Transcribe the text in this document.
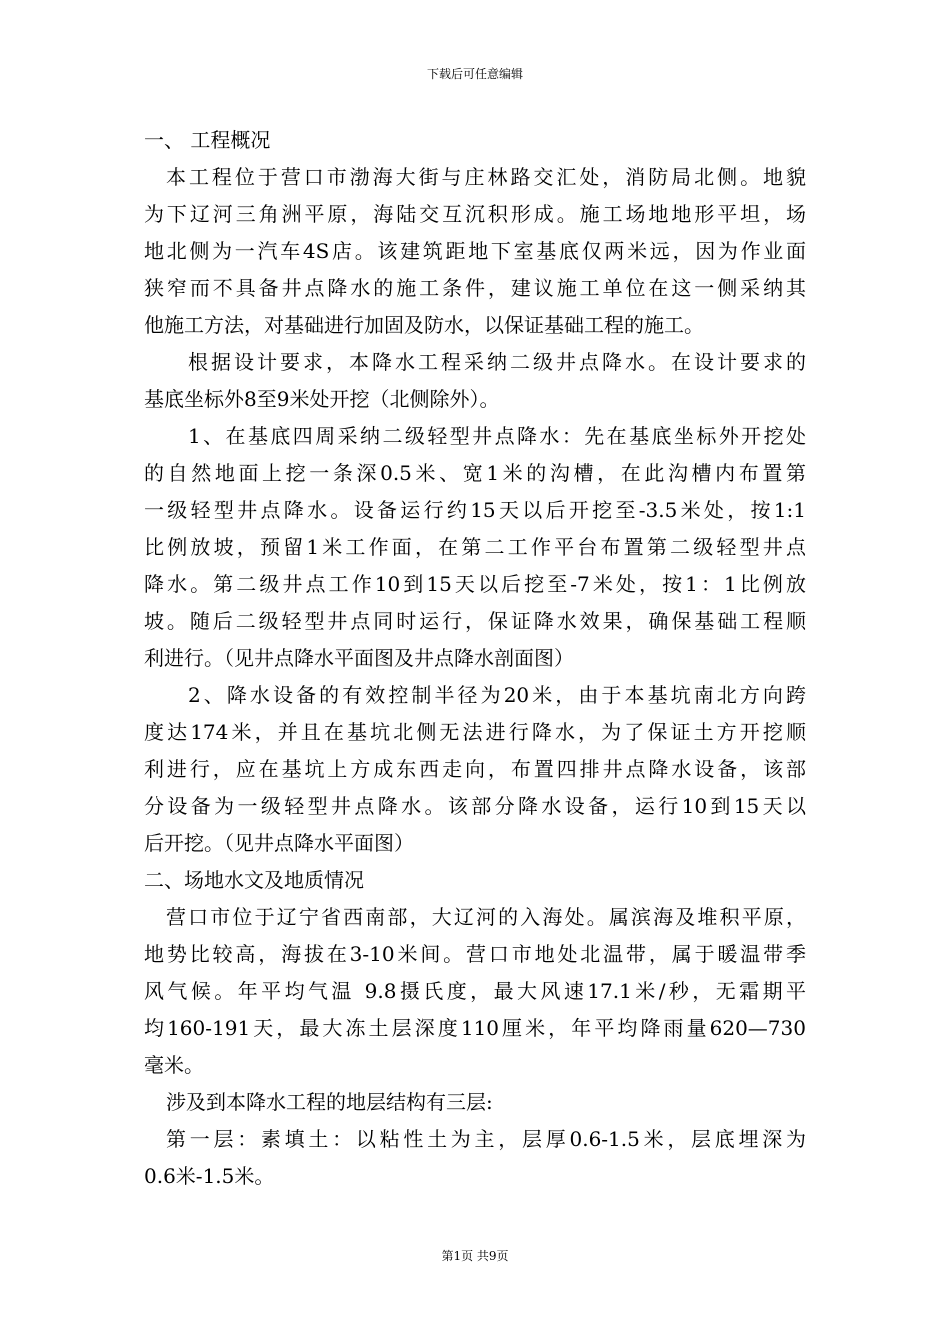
下载后可任意编辑
一、 工程概况
本工程位于营口市渤海大街与庄林路交汇处，消防局北侧。地貌
为下辽河三角洲平原，海陆交互沉积形成。施工场地地形平坦，场
地北侧为一汽车4S店。该建筑距地下室基底仅两米远，因为作业面
狭窄而不具备井点降水的施工条件，建议施工单位在这一侧采纳其
他施工方法，对基础进行加固及防水，以保证基础工程的施工。
根据设计要求，本降水工程采纳二级井点降水。在设计要求的
基底坐标外8至9米处开挖（北侧除外）。
1、在基底四周采纳二级轻型井点降水：先在基底坐标外开挖处
的自然地面上挖一条深0.5米、宽1米的沟槽，在此沟槽内布置第
一级轻型井点降水。设备运行约15天以后开挖至-3.5米处，按1:1
比例放坡，预留1米工作面，在第二工作平台布置第二级轻型井点
降水。第二级井点工作10到15天以后挖至-7米处，按1：1比例放
坡。随后二级轻型井点同时运行，保证降水效果，确保基础工程顺
利进行。（见井点降水平面图及井点降水剖面图）
2、降水设备的有效控制半径为20米，由于本基坑南北方向跨
度达174米，并且在基坑北侧无法进行降水，为了保证土方开挖顺
利进行，应在基坑上方成东西走向，布置四排井点降水设备，该部
分设备为一级轻型井点降水。该部分降水设备，运行10到15天以
后开挖。（见井点降水平面图）
二、场地水文及地质情况
营口市位于辽宁省西南部，大辽河的入海处。属滨海及堆积平原，
地势比较高，海拔在3-10米间。营口市地处北温带，属于暖温带季
风气候。年平均气温 9.8摄氏度，最大风速17.1米/秒，无霜期平
均160-191天，最大冻土层深度110厘米，年平均降雨量620—730
毫米。
涉及到本降水工程的地层结构有三层:
第一层：素填土：以粘性土为主，层厚0.6-1.5米，层底埋深为
0.6米-1.5米。
第1页 共9页
